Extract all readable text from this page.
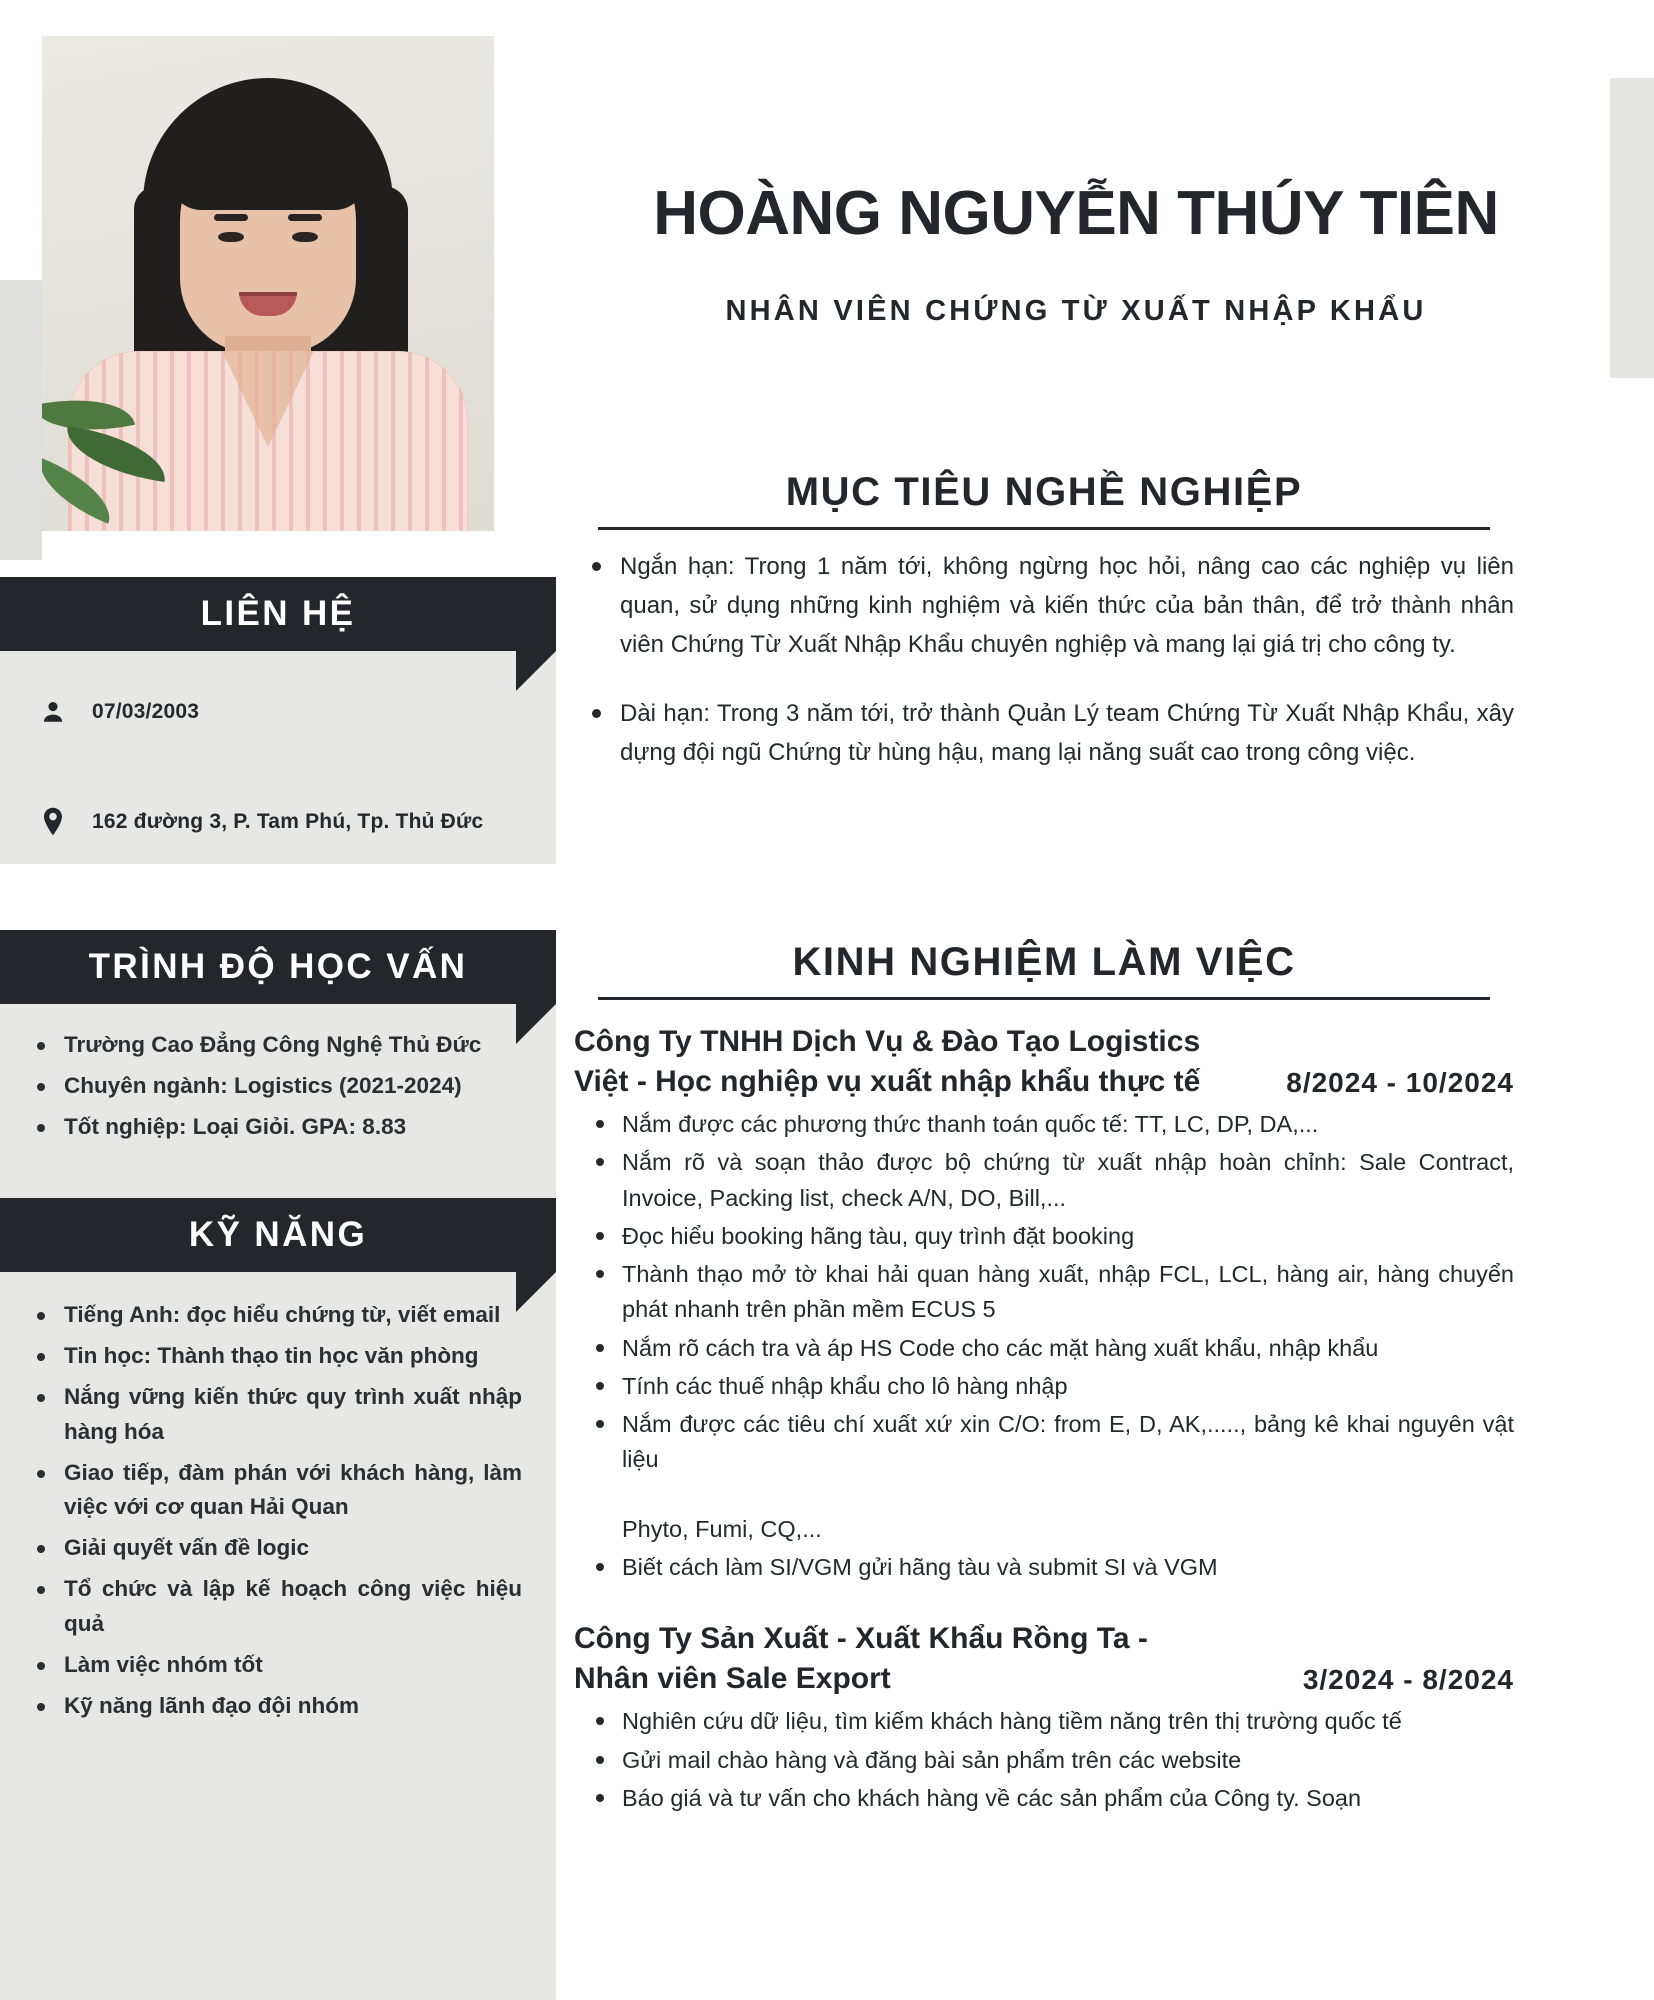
LIÊN HỆ
07/03/2003
162 đường 3, P. Tam Phú, Tp. Thủ Đức
TRÌNH ĐỘ HỌC VẤN
Trường Cao Đẳng Công Nghệ Thủ Đức
Chuyên ngành: Logistics (2021-2024)
Tốt nghiệp: Loại Giỏi. GPA: 8.83
KỸ NĂNG
Tiếng Anh: đọc hiểu chứng từ, viết email
Tin học: Thành thạo tin học văn phòng
Nắng vững kiến thức quy trình xuất nhập hàng hóa
Giao tiếp, đàm phán với khách hàng, làm việc với cơ quan Hải Quan
Giải quyết vấn đề logic
Tổ chức và lập kế hoạch công việc hiệu quả
Làm việc nhóm tốt
Kỹ năng lãnh đạo đội nhóm
HOÀNG NGUYỄN THÚY TIÊN
NHÂN VIÊN CHỨNG TỪ XUẤT NHẬP KHẨU
MỤC TIÊU NGHỀ NGHIỆP
Ngắn hạn: Trong 1 năm tới, không ngừng học hỏi, nâng cao các nghiệp vụ liên quan, sử dụng những kinh nghiệm và kiến thức của bản thân, để trở thành nhân viên Chứng Từ Xuất Nhập Khẩu chuyên nghiệp và mang lại giá trị cho công ty.
Dài hạn: Trong 3 năm tới, trở thành Quản Lý team Chứng Từ Xuất Nhập Khẩu, xây dựng đội ngũ Chứng từ hùng hậu, mang lại năng suất cao trong công việc.
KINH NGHIỆM LÀM VIỆC
Công Ty TNHH Dịch Vụ & Đào Tạo Logistics Việt - Học nghiệp vụ xuất nhập khẩu thực tế	8/2024 - 10/2024
Nắm được các phương thức thanh toán quốc tế: TT, LC, DP, DA,...
Nắm rõ và soạn thảo được bộ chứng từ xuất nhập hoàn chỉnh: Sale Contract, Invoice, Packing list, check A/N, DO, Bill,...
Đọc hiểu booking hãng tàu, quy trình đặt booking
Thành thạo mở tờ khai hải quan hàng xuất, nhập FCL, LCL, hàng air, hàng chuyển phát nhanh trên phần mềm ECUS 5
Nắm rõ cách tra và áp HS Code cho các mặt hàng xuất khẩu, nhập khẩu
Tính các thuế nhập khẩu cho lô hàng nhập
Nắm được các tiêu chí xuất xứ xin C/O: from E, D, AK,....., bảng kê khai nguyên vật liệu
Phyto, Fumi, CQ,...
Biết cách làm SI/VGM gửi hãng tàu và submit SI và VGM
Công Ty Sản Xuất - Xuất Khẩu Rồng Ta - Nhân viên Sale Export	3/2024 - 8/2024
Nghiên cứu dữ liệu, tìm kiếm khách hàng tiềm năng trên thị trường quốc tế
Gửi mail chào hàng và đăng bài sản phẩm trên các website
Báo giá và tư vấn cho khách hàng về các sản phẩm của Công ty. Soạn
